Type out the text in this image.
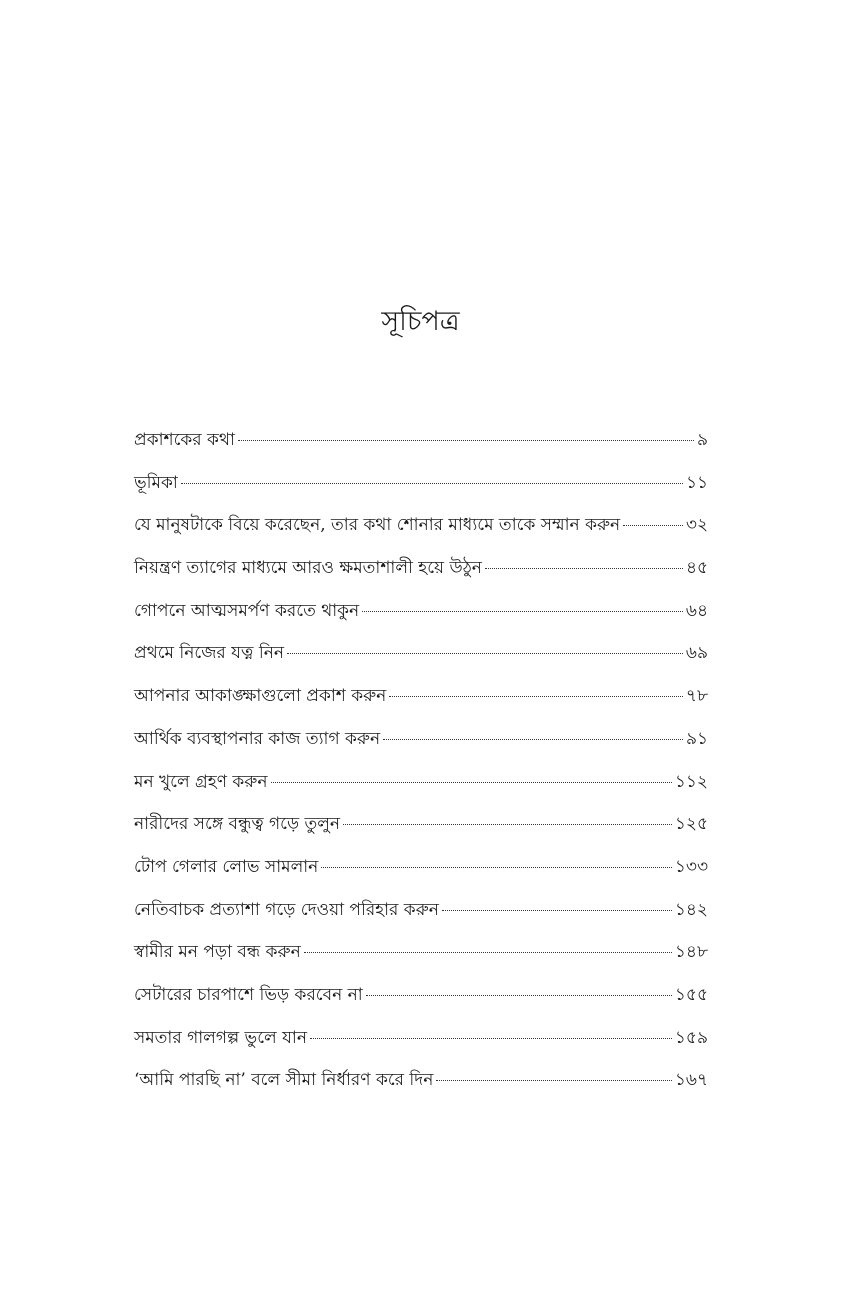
সূচিপত্র
প্রকাশকের কথা	৯
ভূমিকা	১১
যে মানুষটাকে বিয়ে করেছেন, তার কথা শোনার মাধ্যমে তাকে সম্মান করুন	৩২
নিয়ন্ত্রণ ত্যাগের মাধ্যমে আরও ক্ষমতাশালী হয়ে উঠুন	৪৫
গোপনে আত্মসমর্পণ করতে থাকুন	৬৪
প্রথমে নিজের যত্ন নিন	৬৯
আপনার আকাঙ্ক্ষাগুলো প্রকাশ করুন	৭৮
আর্থিক ব্যবস্থাপনার কাজ ত্যাগ করুন	৯১
মন খুলে গ্রহণ করুন	১১২
নারীদের সঙ্গে বন্ধুত্ব গড়ে তুলুন	১২৫
টোপ গেলার লোভ সামলান	১৩৩
নেতিবাচক প্রত্যাশা গড়ে দেওয়া পরিহার করুন	১৪২
স্বামীর মন পড়া বন্ধ করুন	১৪৮
সেটারের চারপাশে ভিড় করবেন না	১৫৫
সমতার গালগল্প ভুলে যান	১৫৯
‘আমি পারছি না’ বলে সীমা নির্ধারণ করে দিন	১৬৭
